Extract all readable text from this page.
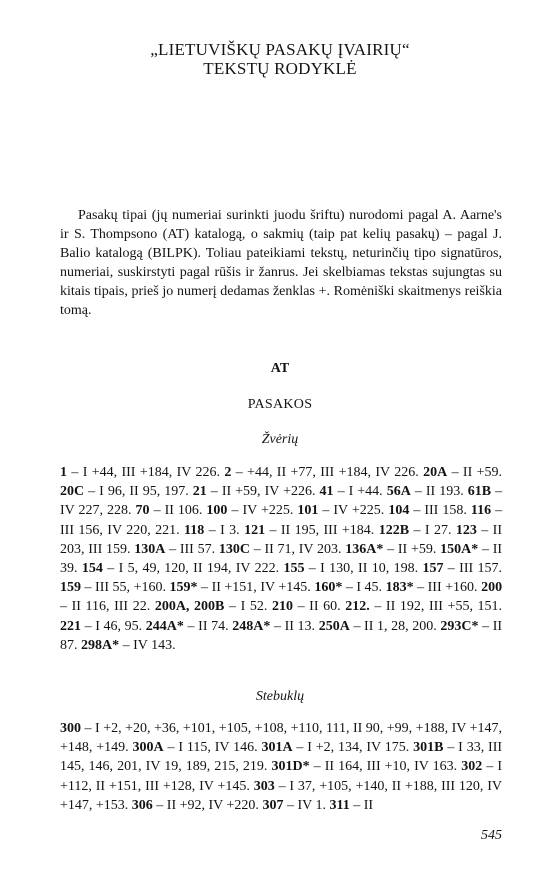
„LIETUVIŠKŲ PASAKŲ ĮVAIRIŲ“
TEKSTŲ RODYKLĖ

Pasakų tipai (jų numeriai surinkti juodu šriftu) nurodomi pagal A. Aarne's ir S. Thompsono (AT) katalogą, o sakmių (taip pat kelių pasakų) – pagal J. Balio katalogą (BILPK). Toliau pateikiami tekstų, neturinčių tipo signatūros, numeriai, suskirstyti pagal rūšis ir žanrus. Jei skelbiamas tekstas sujungtas su kitais tipais, prieš jo numerį dedamas ženklas +. Romėniški skaitmenys reiškia tomą.

AT
PASAKOS
Žvėrių

1 – I +44, III +184, IV 226. 2 – +44, II +77, III +184, IV 226. 20A – II +59. 20C – I 96, II 95, 197. 21 – II +59, IV +226. 41 – I +44. 56A – II 193. 61B – IV 227, 228. 70 – II 106. 100 – IV +225. 101 – IV +225. 104 – III 158. 116 – III 156, IV 220, 221. 118 – I 3. 121 – II 195, III +184. 122B – I 27. 123 – II 203, III 159. 130A – III 57. 130C – II 71, IV 203. 136A* – II +59. 150A* – II 39. 154 – I 5, 49, 120, II 194, IV 222. 155 – I 130, II 10, 198. 157 – III 157. 159 – III 55, +160. 159* – II +151, IV +145. 160* – I 45. 183* – III +160. 200 – II 116, III 22. 200A, 200B – I 52. 210 – II 60. 212. – II 192, III +55, 151. 221 – I 46, 95. 244A* – II 74. 248A* – II 13. 250A – II 1, 28, 200. 293C* – II 87. 298A* – IV 143.

Stebuklų

300 – I +2, +20, +36, +101, +105, +108, +110, 111, II 90, +99, +188, IV +147, +148, +149. 300A – I 115, IV 146. 301A – I +2, 134, IV 175. 301B – I 33, III 145, 146, 201, IV 19, 189, 215, 219. 301D* – II 164, III +10, IV 163. 302 – I +112, II +151, III +128, IV +145. 303 – I 37, +105, +140, II +188, III 120, IV +147, +153. 306 – II +92, IV +220. 307 – IV 1. 311 – II

545
